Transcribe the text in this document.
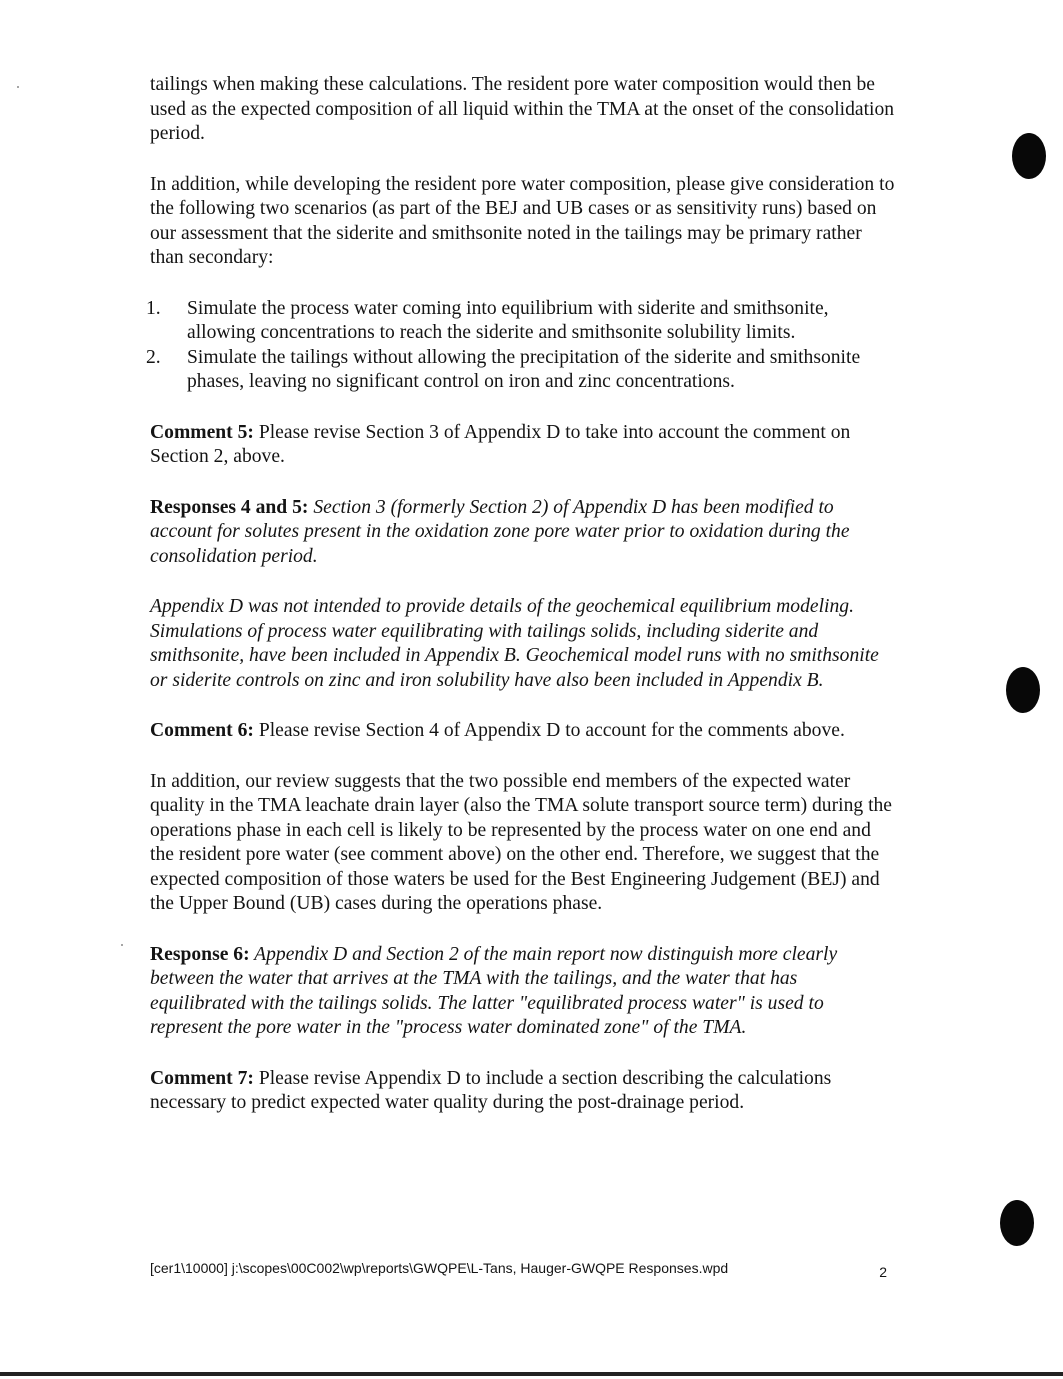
tailings when making these calculations. The resident pore water composition would then be used as the expected composition of all liquid within the TMA at the onset of the consolidation period.

In addition, while developing the resident pore water composition, please give consideration to the following two scenarios (as part of the BEJ and UB cases or as sensitivity runs) based on our assessment that the siderite and smithsonite noted in the tailings may be primary rather than secondary:

1. Simulate the process water coming into equilibrium with siderite and smithsonite, allowing concentrations to reach the siderite and smithsonite solubility limits.
2. Simulate the tailings without allowing the precipitation of the siderite and smithsonite phases, leaving no significant control on iron and zinc concentrations.

Comment 5: Please revise Section 3 of Appendix D to take into account the comment on Section 2, above.

Responses 4 and 5: Section 3 (formerly Section 2) of Appendix D has been modified to account for solutes present in the oxidation zone pore water prior to oxidation during the consolidation period.

Appendix D was not intended to provide details of the geochemical equilibrium modeling. Simulations of process water equilibrating with tailings solids, including siderite and smithsonite, have been included in Appendix B. Geochemical model runs with no smithsonite or siderite controls on zinc and iron solubility have also been included in Appendix B.

Comment 6: Please revise Section 4 of Appendix D to account for the comments above.

In addition, our review suggests that the two possible end members of the expected water quality in the TMA leachate drain layer (also the TMA solute transport source term) during the operations phase in each cell is likely to be represented by the process water on one end and the resident pore water (see comment above) on the other end. Therefore, we suggest that the expected composition of those waters be used for the Best Engineering Judgement (BEJ) and the Upper Bound (UB) cases during the operations phase.

Response 6: Appendix D and Section 2 of the main report now distinguish more clearly between the water that arrives at the TMA with the tailings, and the water that has equilibrated with the tailings solids. The latter "equilibrated process water" is used to represent the pore water in the "process water dominated zone" of the TMA.

Comment 7: Please revise Appendix D to include a section describing the calculations necessary to predict expected water quality during the post-drainage period.

[cer1\10000] j:\scopes\00C002\wp\reports\GWQPE\L-Tans, Hauger-GWQPE Responses.wpd	2
